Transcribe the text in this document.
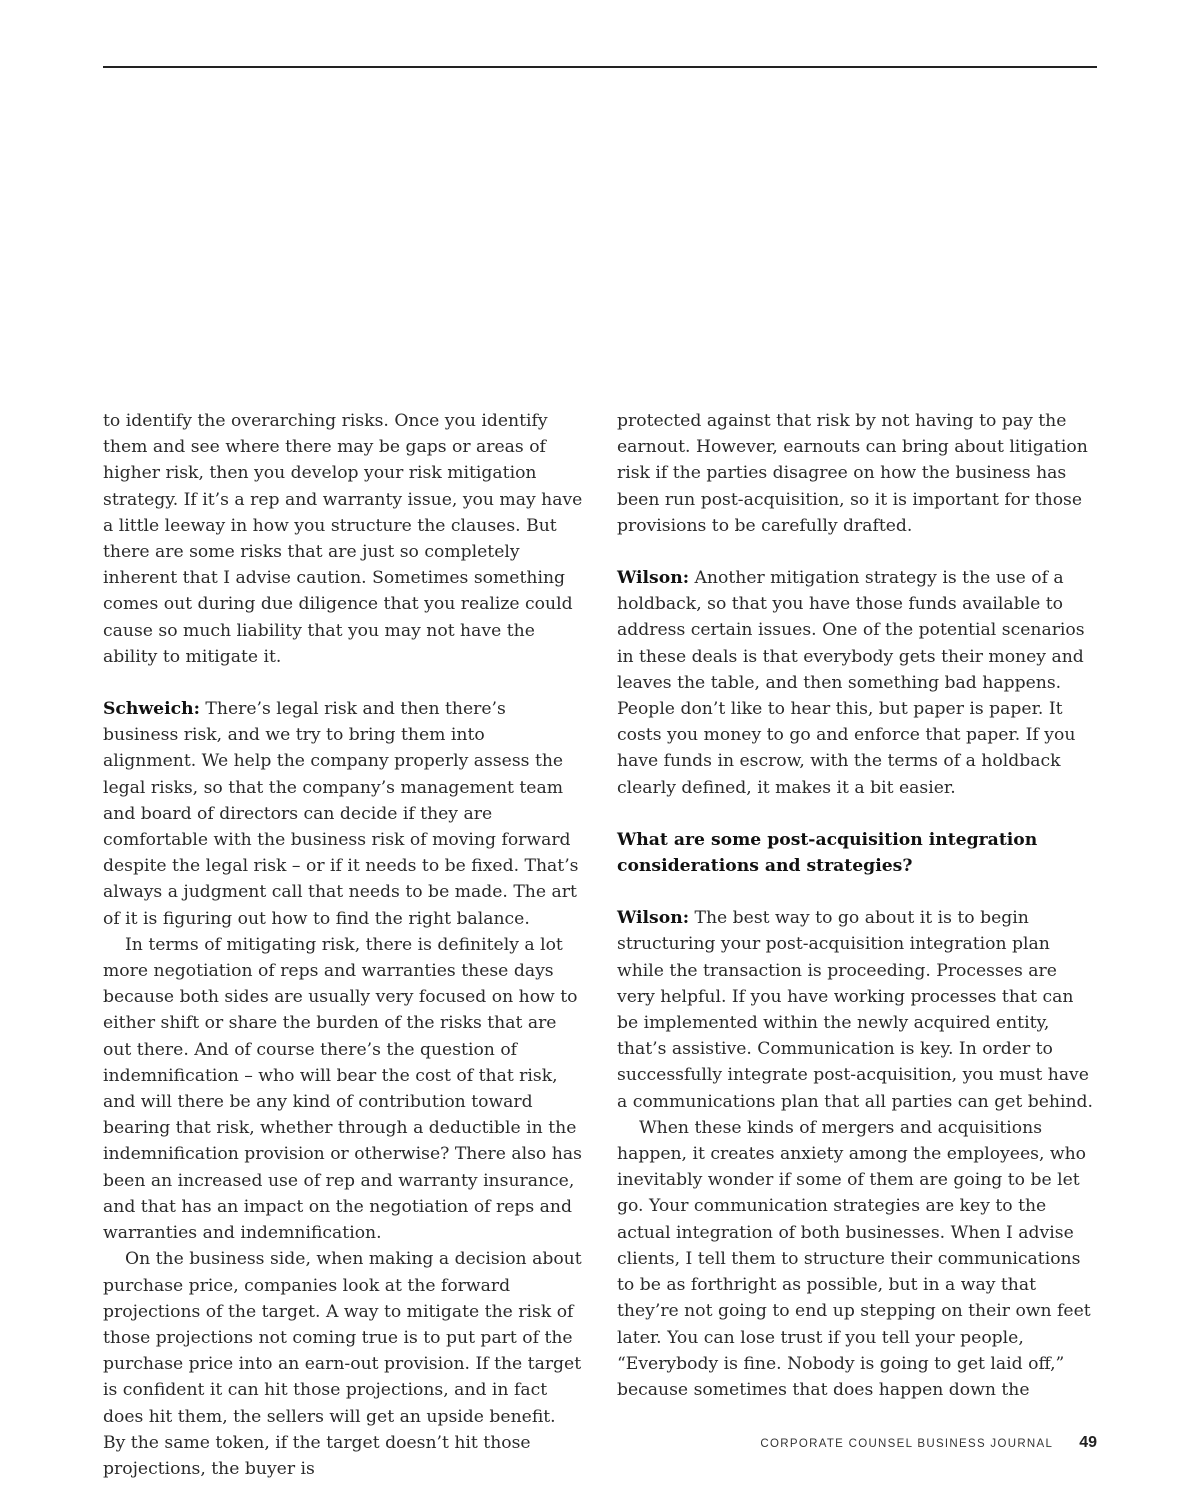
to identify the overarching risks. Once you identify them and see where there may be gaps or areas of higher risk, then you develop your risk mitigation strategy. If it’s a rep and warranty issue, you may have a little leeway in how you structure the clauses. But there are some risks that are just so completely inherent that I advise caution. Sometimes something comes out during due diligence that you realize could cause so much liability that you may not have the ability to mitigate it.

Schweich: There’s legal risk and then there’s business risk, and we try to bring them into alignment. We help the company properly assess the legal risks, so that the company’s management team and board of directors can decide if they are comfortable with the business risk of moving forward despite the legal risk – or if it needs to be fixed. That’s always a judgment call that needs to be made. The art of it is figuring out how to find the right balance.

In terms of mitigating risk, there is definitely a lot more negotiation of reps and warranties these days because both sides are usually very focused on how to either shift or share the burden of the risks that are out there. And of course there’s the question of indemnification – who will bear the cost of that risk, and will there be any kind of contribution toward bearing that risk, whether through a deductible in the indemnification provision or otherwise? There also has been an increased use of rep and warranty insurance, and that has an impact on the negotiation of reps and warranties and indemnification.

On the business side, when making a decision about purchase price, companies look at the forward projections of the target. A way to mitigate the risk of those projections not coming true is to put part of the purchase price into an earn-out provision. If the target is confident it can hit those projections, and in fact does hit them, the sellers will get an upside benefit. By the same token, if the target doesn’t hit those projections, the buyer is

protected against that risk by not having to pay the earnout. However, earnouts can bring about litigation risk if the parties disagree on how the business has been run post-acquisition, so it is important for those provisions to be carefully drafted.

Wilson: Another mitigation strategy is the use of a holdback, so that you have those funds available to address certain issues. One of the potential scenarios in these deals is that everybody gets their money and leaves the table, and then something bad happens. People don’t like to hear this, but paper is paper. It costs you money to go and enforce that paper. If you have funds in escrow, with the terms of a holdback clearly defined, it makes it a bit easier.

What are some post-acquisition integration considerations and strategies?

Wilson: The best way to go about it is to begin structuring your post-acquisition integration plan while the transaction is proceeding. Processes are very helpful. If you have working processes that can be implemented within the newly acquired entity, that’s assistive. Communication is key. In order to successfully integrate post-acquisition, you must have a communications plan that all parties can get behind.

When these kinds of mergers and acquisitions happen, it creates anxiety among the employees, who inevitably wonder if some of them are going to be let go. Your communication strategies are key to the actual integration of both businesses. When I advise clients, I tell them to structure their communications to be as forthright as possible, but in a way that they’re not going to end up stepping on their own feet later. You can lose trust if you tell your people, “Everybody is fine. Nobody is going to get laid off,” because sometimes that does happen down the

CORPORATE COUNSEL BUSINESS JOURNAL 49
